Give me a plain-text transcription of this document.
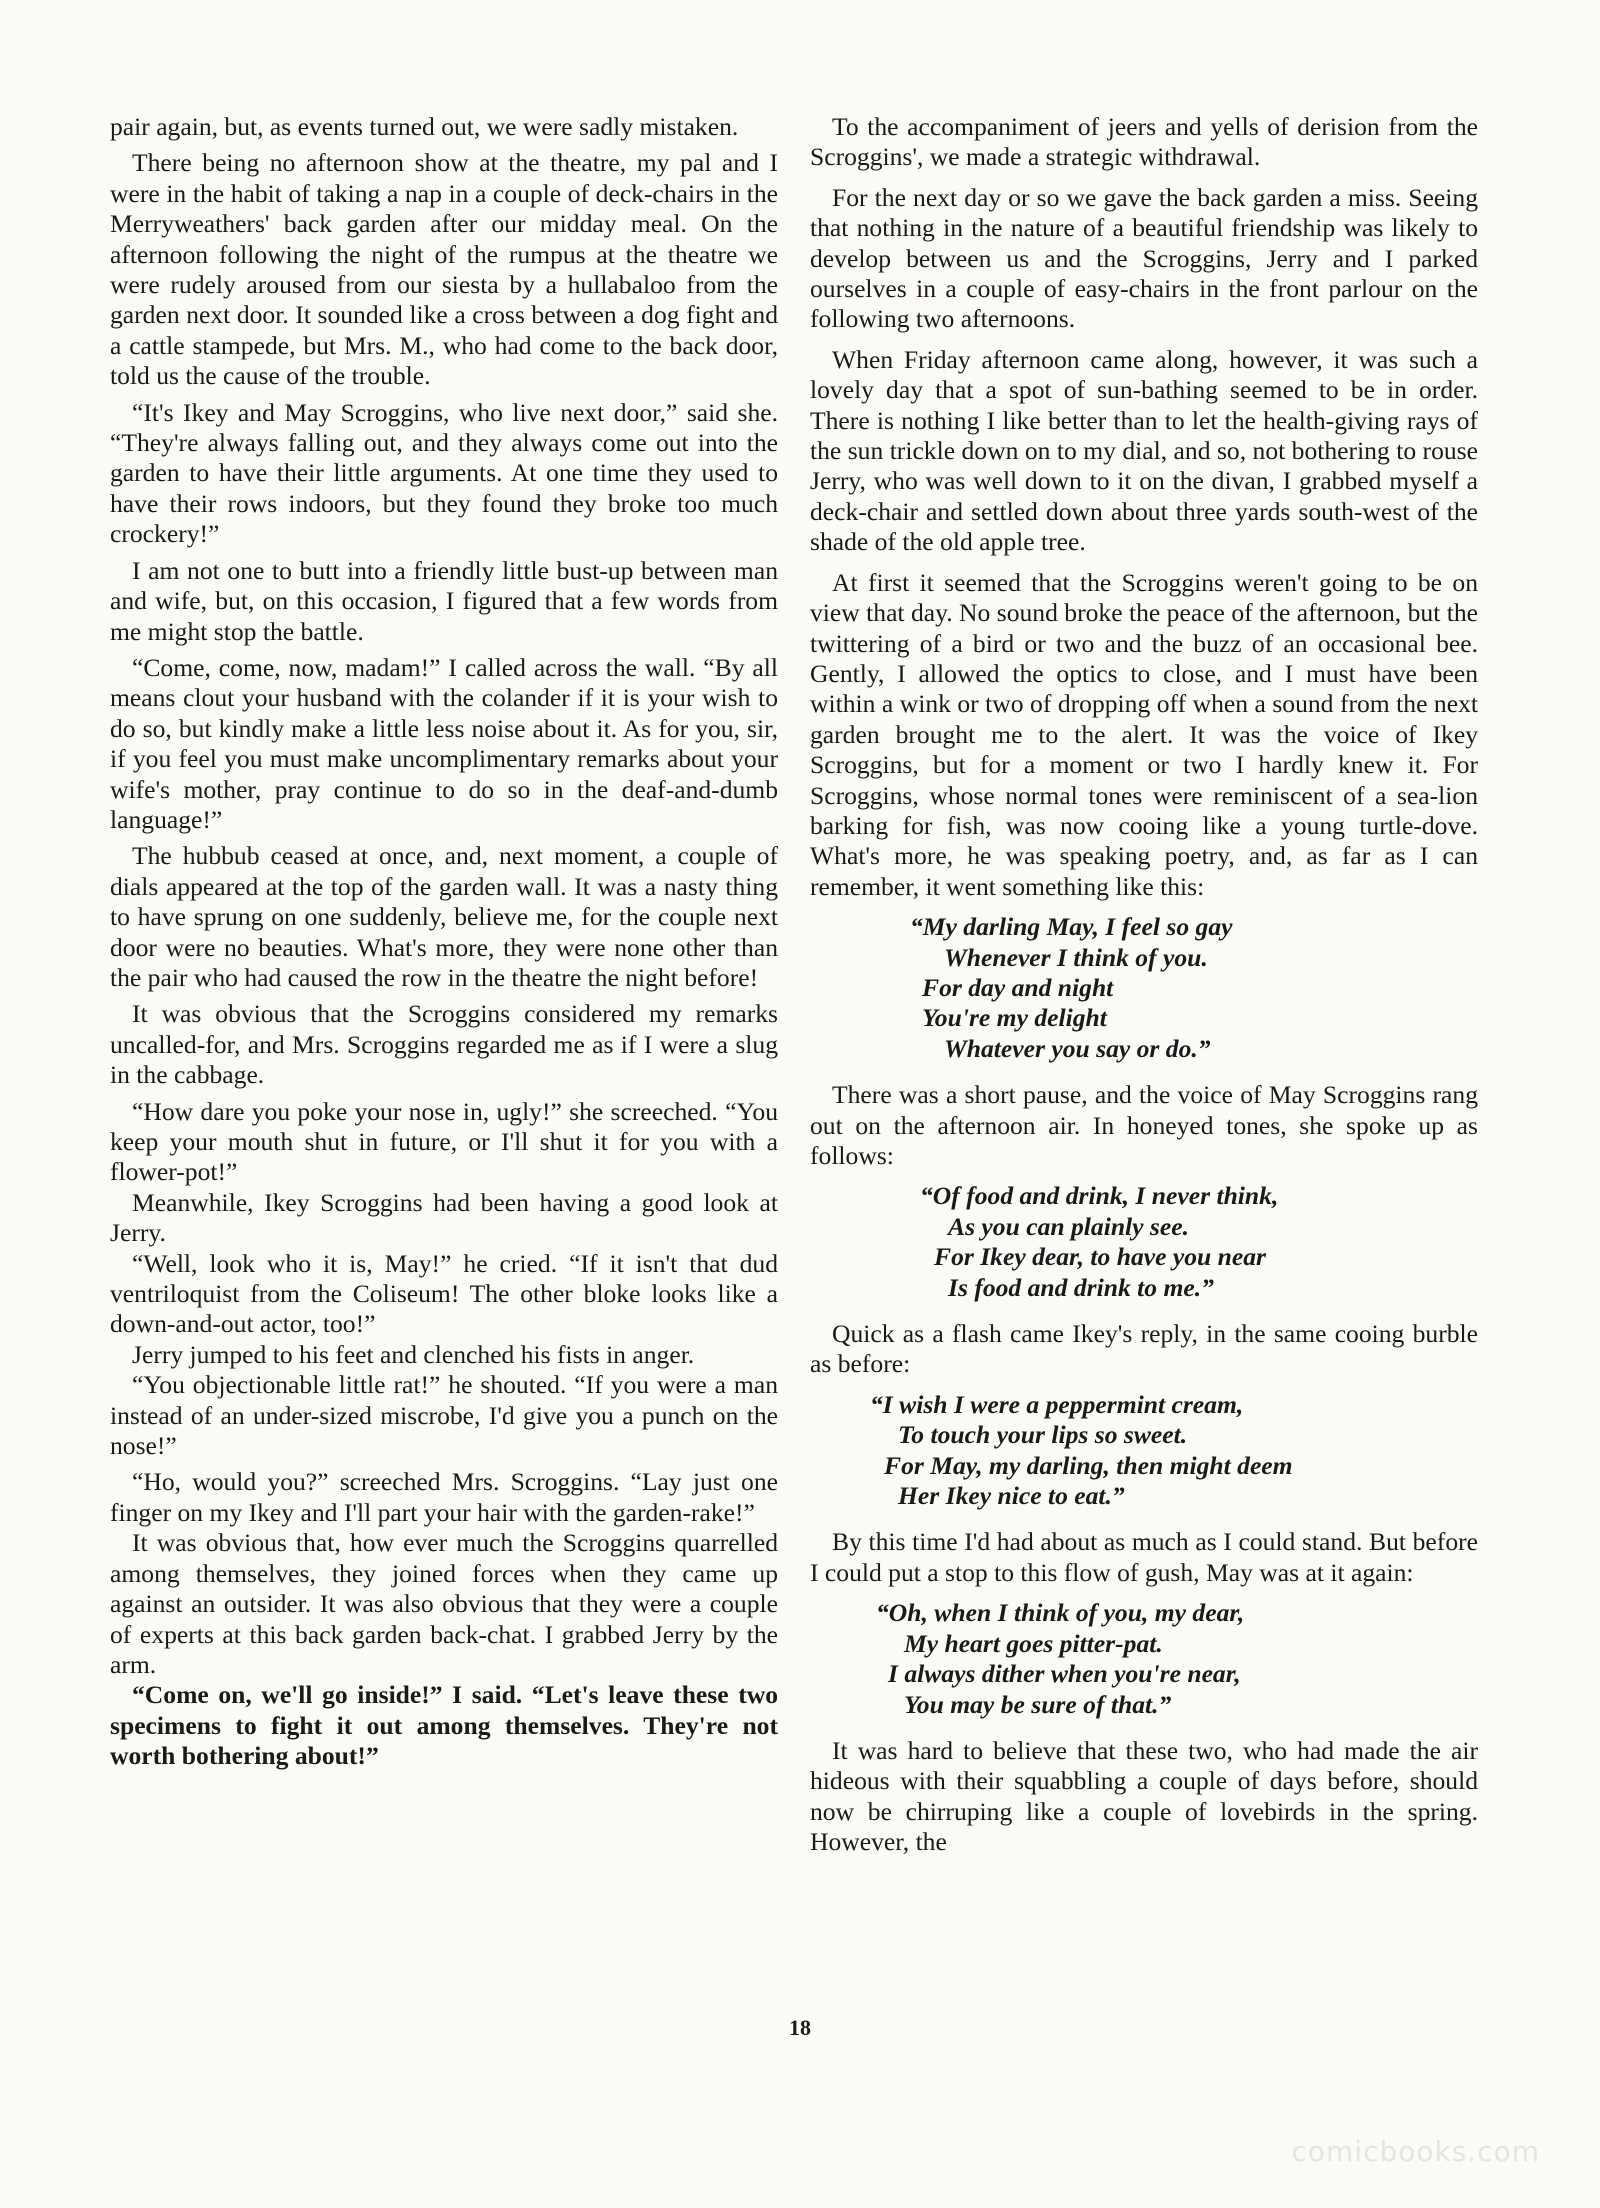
pair again, but, as events turned out, we were sadly mistaken.

There being no afternoon show at the theatre, my pal and I were in the habit of taking a nap in a couple of deck-chairs in the Merryweathers' back garden after our midday meal. On the afternoon following the night of the rumpus at the theatre we were rudely aroused from our siesta by a hullabaloo from the garden next door. It sounded like a cross between a dog fight and a cattle stampede, but Mrs. M., who had come to the back door, told us the cause of the trouble.

“It's Ikey and May Scroggins, who live next door,” said she. “They're always falling out, and they always come out into the garden to have their little arguments. At one time they used to have their rows indoors, but they found they broke too much crockery!”

I am not one to butt into a friendly little bust-up between man and wife, but, on this occasion, I figured that a few words from me might stop the battle.

“Come, come, now, madam!” I called across the wall. “By all means clout your husband with the colander if it is your wish to do so, but kindly make a little less noise about it. As for you, sir, if you feel you must make uncomplimentary remarks about your wife's mother, pray continue to do so in the deaf-and-dumb language!”

The hubbub ceased at once, and, next moment, a couple of dials appeared at the top of the garden wall. It was a nasty thing to have sprung on one suddenly, believe me, for the couple next door were no beauties. What's more, they were none other than the pair who had caused the row in the theatre the night before!

It was obvious that the Scroggins considered my remarks uncalled-for, and Mrs. Scroggins regarded me as if I were a slug in the cabbage.

“How dare you poke your nose in, ugly!” she screeched. “You keep your mouth shut in future, or I'll shut it for you with a flower-pot!”

Meanwhile, Ikey Scroggins had been having a good look at Jerry.

“Well, look who it is, May!” he cried. “If it isn't that dud ventriloquist from the Coliseum! The other bloke looks like a down-and-out actor, too!”

Jerry jumped to his feet and clenched his fists in anger.

“You objectionable little rat!” he shouted. “If you were a man instead of an under-sized miscrobe, I'd give you a punch on the nose!”

“Ho, would you?” screeched Mrs. Scroggins. “Lay just one finger on my Ikey and I'll part your hair with the garden-rake!”

It was obvious that, how ever much the Scroggins quarrelled among themselves, they joined forces when they came up against an outsider. It was also obvious that they were a couple of experts at this back garden back-chat. I grabbed Jerry by the arm.

“Come on, we'll go inside!” I said. “Let's leave these two specimens to fight it out among themselves. They're not worth bothering about!”

To the accompaniment of jeers and yells of derision from the Scroggins', we made a strategic withdrawal.

For the next day or so we gave the back garden a miss. Seeing that nothing in the nature of a beautiful friendship was likely to develop between us and the Scroggins, Jerry and I parked ourselves in a couple of easy-chairs in the front parlour on the following two afternoons.

When Friday afternoon came along, however, it was such a lovely day that a spot of sun-bathing seemed to be in order. There is nothing I like better than to let the health-giving rays of the sun trickle down on to my dial, and so, not bothering to rouse Jerry, who was well down to it on the divan, I grabbed myself a deck-chair and settled down about three yards south-west of the shade of the old apple tree.

At first it seemed that the Scroggins weren't going to be on view that day. No sound broke the peace of the afternoon, but the twittering of a bird or two and the buzz of an occasional bee. Gently, I allowed the optics to close, and I must have been within a wink or two of dropping off when a sound from the next garden brought me to the alert. It was the voice of Ikey Scroggins, but for a moment or two I hardly knew it. For Scroggins, whose normal tones were reminiscent of a sea-lion barking for fish, was now cooing like a young turtle-dove. What's more, he was speaking poetry, and, as far as I can remember, it went something like this:

“My darling May, I feel so gay
Whenever I think of you.
For day and night
You're my delight
Whatever you say or do.”

There was a short pause, and the voice of May Scroggins rang out on the afternoon air. In honeyed tones, she spoke up as follows:

“Of food and drink, I never think,
As you can plainly see.
For Ikey dear, to have you near
Is food and drink to me.”

Quick as a flash came Ikey's reply, in the same cooing burble as before:

“I wish I were a peppermint cream,
To touch your lips so sweet.
For May, my darling, then might deem
Her Ikey nice to eat.”

By this time I'd had about as much as I could stand. But before I could put a stop to this flow of gush, May was at it again:

“Oh, when I think of you, my dear,
My heart goes pitter-pat.
I always dither when you're near,
You may be sure of that.”

It was hard to believe that these two, who had made the air hideous with their squabbling a couple of days before, should now be chirruping like a couple of lovebirds in the spring. However, the

18
comicbooks.com
